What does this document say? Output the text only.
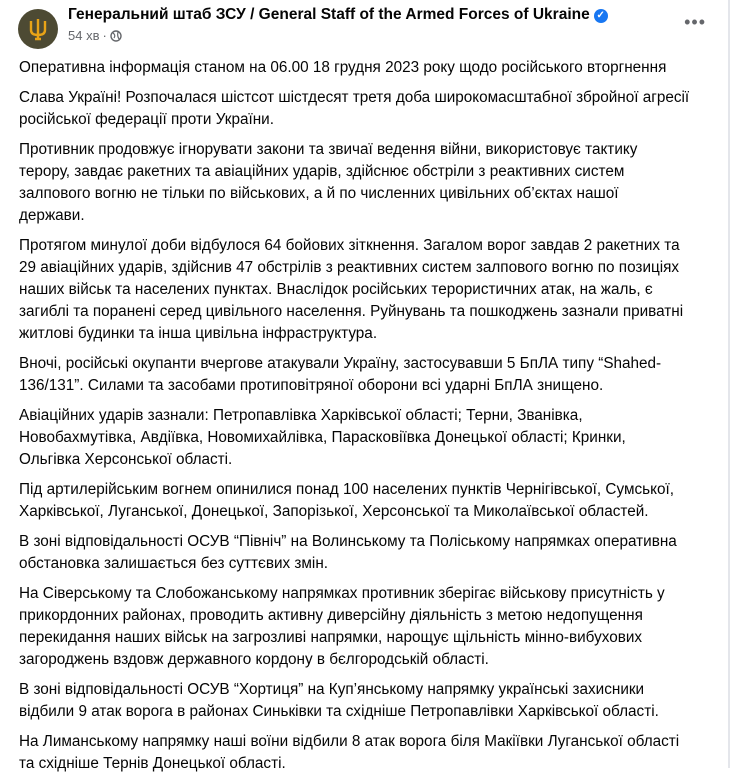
Генеральний штаб ЗСУ / General Staff of the Armed Forces of Ukraine ✓
54 хв ·
•••
Оперативна інформація станом на 06.00 18 грудня 2023 року щодо російського вторгнення
Слава Україні! Розпочалася шістсот шістдесят третя доба широкомасштабної збройної агресії
російської федерації проти України.
Противник продовжує ігнорувати закони та звичаї ведення війни, використовує тактику
терору, завдає ракетних та авіаційних ударів, здійснює обстріли з реактивних систем
залпового вогню не тільки по військових, а й по численних цивільних об’єктах нашої
держави.
Протягом минулої доби відбулося 64 бойових зіткнення. Загалом ворог завдав 2 ракетних та
29 авіаційних ударів, здійснив 47 обстрілів з реактивних систем залпового вогню по позиціях
наших військ та населених пунктах. Внаслідок російських терористичних атак, на жаль, є
загиблі та поранені серед цивільного населення. Руйнувань та пошкоджень зазнали приватні
житлові будинки та інша цивільна інфраструктура.
Вночі, російські окупанти вчергове атакували Україну, застосувавши 5 БпЛА типу “Shahed-
136/131”. Силами та засобами протиповітряної оборони всі ударні БпЛА знищено.
Авіаційних ударів зазнали: Петропавлівка Харківської області; Терни, Званівка,
Новобахмутівка, Авдіївка, Новомихайлівка, Парасковіївка Донецької області; Кринки,
Ольгівка Херсонської області.
Під артилерійським вогнем опинилися понад 100 населених пунктів Чернігівської, Сумської,
Харківської, Луганської, Донецької, Запорізької, Херсонської та Миколаївської областей.
В зоні відповідальності ОСУВ “Північ” на Волинському та Поліському напрямках оперативна
обстановка залишається без суттєвих змін.
На Сіверському та Слобожанському напрямках противник зберігає військову присутність у
прикордонних районах, проводить активну диверсійну діяльність з метою недопущення
перекидання наших військ на загрозливі напрямки, нарощує щільність мінно-вибухових
загороджень вздовж державного кордону в бєлгородській області.
В зоні відповідальності ОСУВ “Хортиця” на Куп’янському напрямку українські захисники
відбили 9 атак ворога в районах Синьківки та східніше Петропавлівки Харківської області.
На Лиманському напрямку наші воїни відбили 8 атак ворога біля Макіївки Луганської області
та східніше Тернів Донецької області.
